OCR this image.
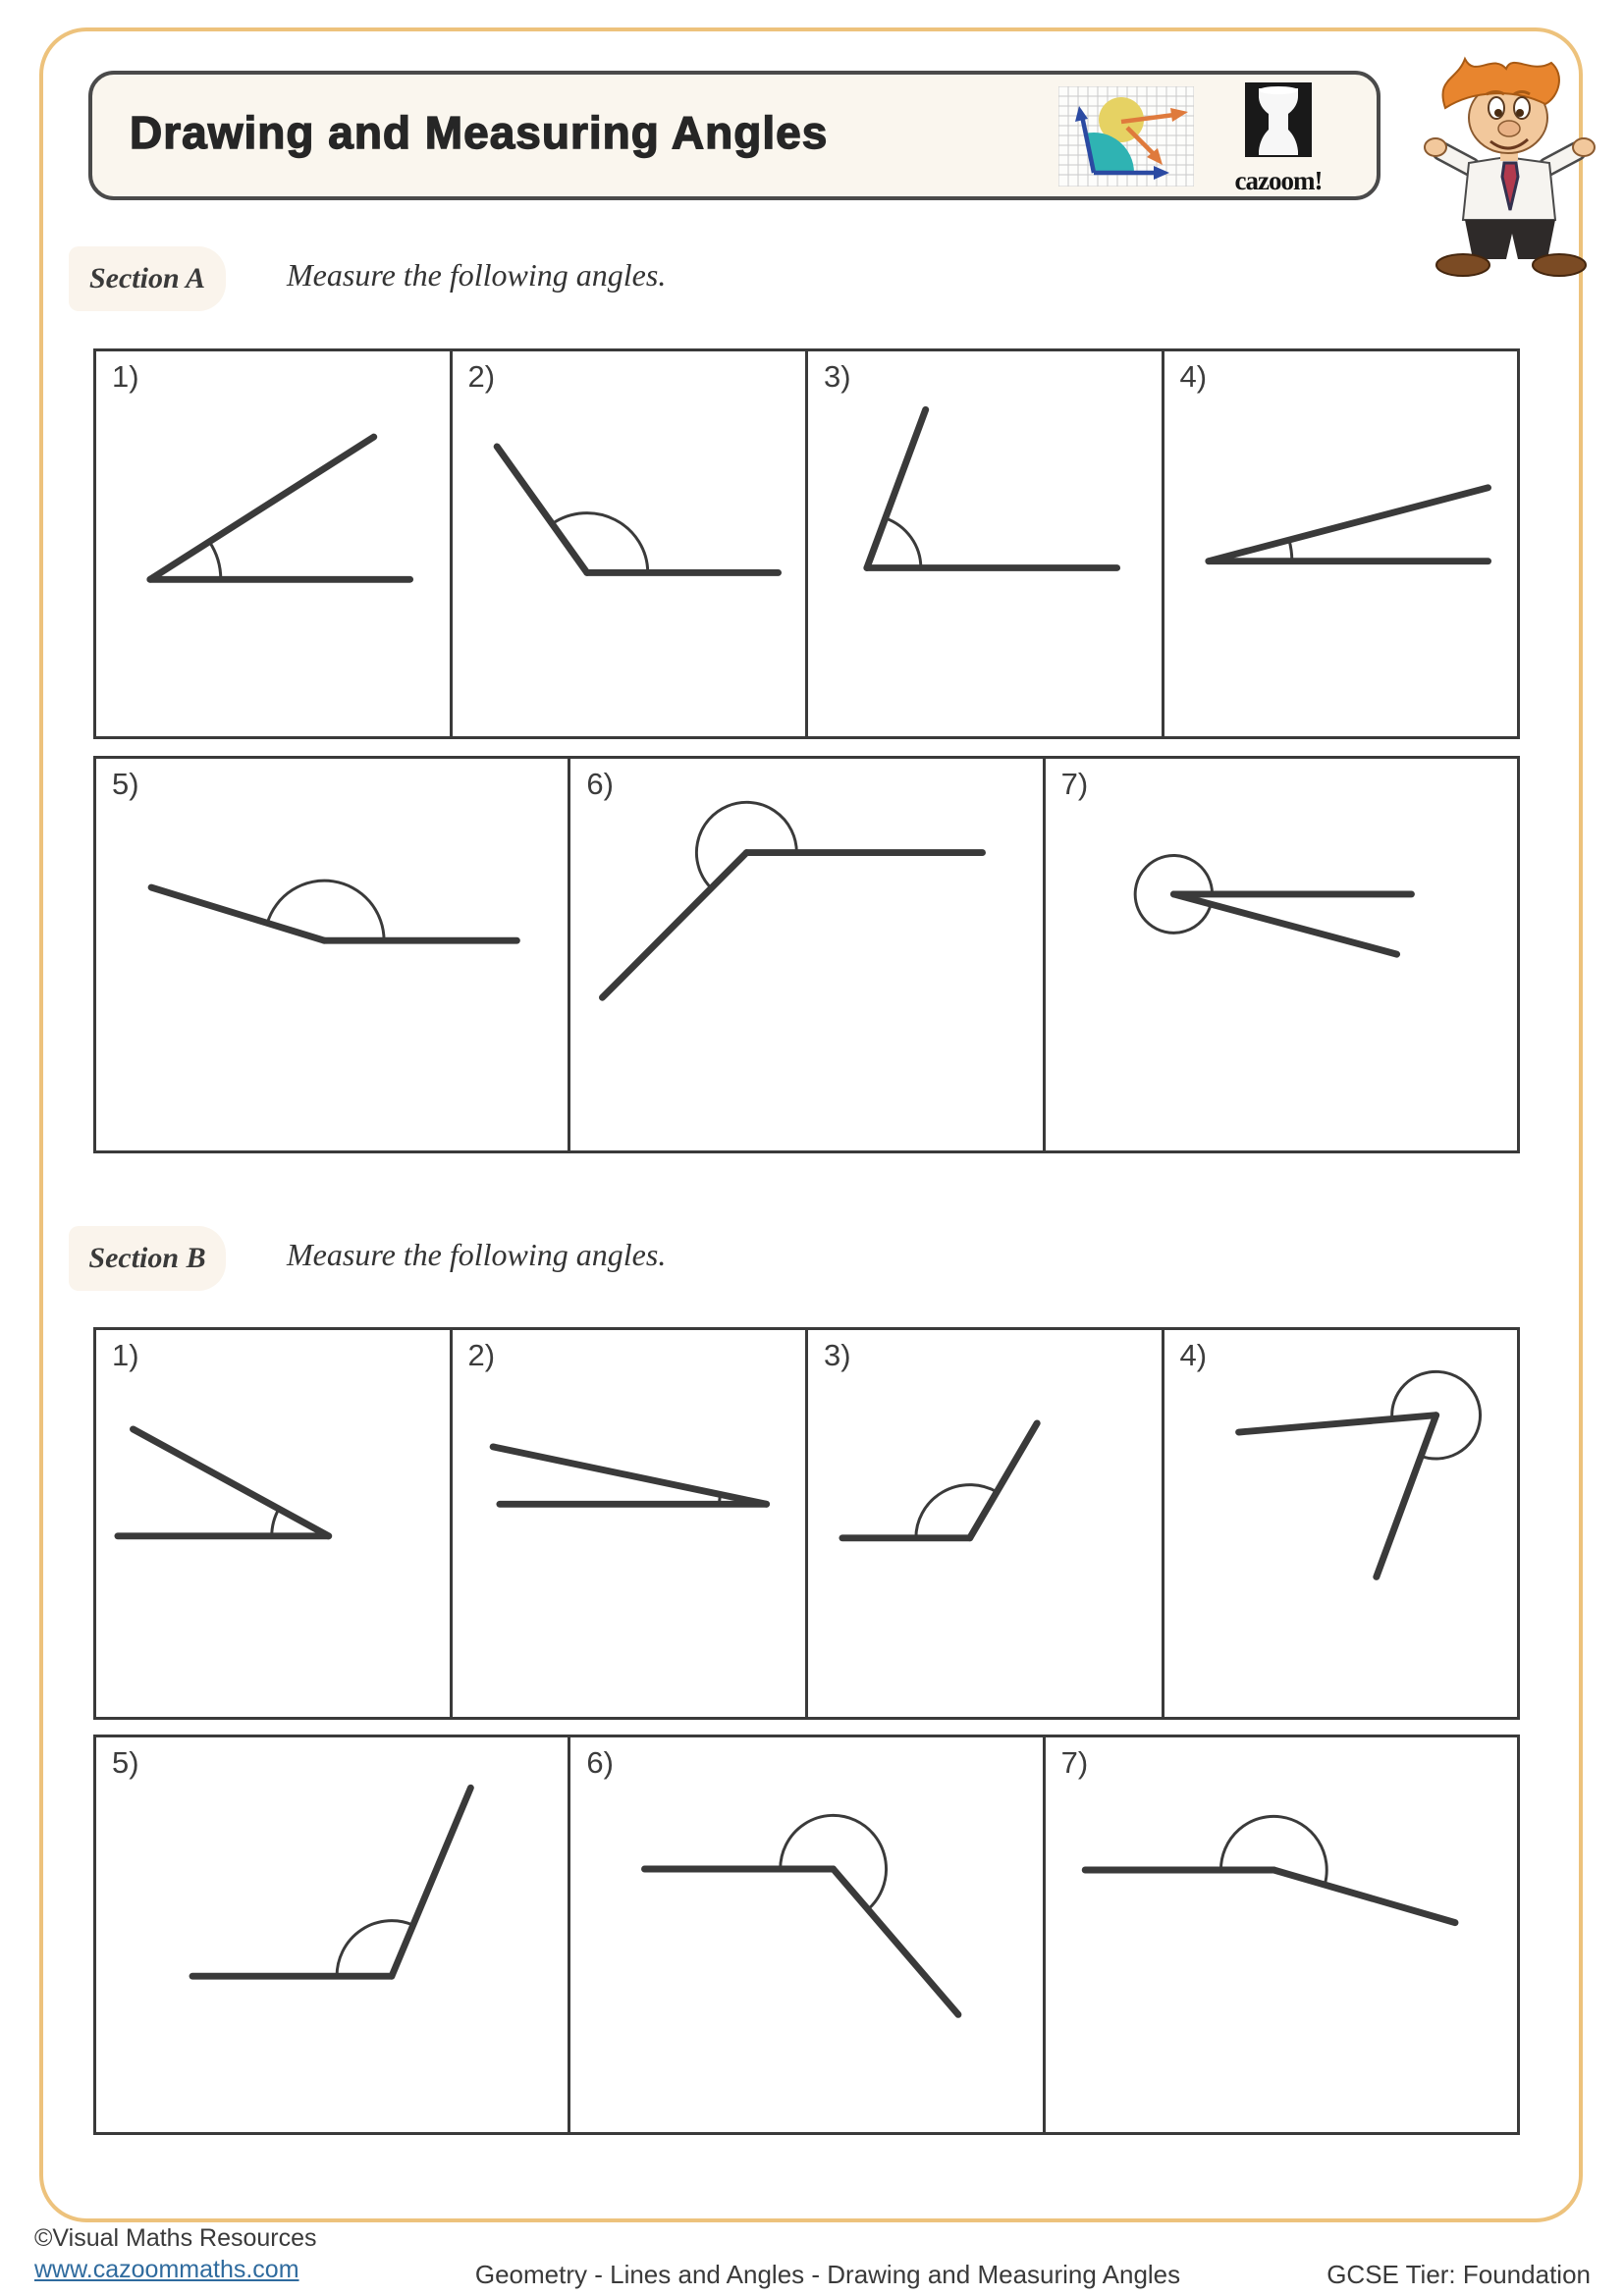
Drawing and Measuring Angles
cazoom!
Section A	Measure the following angles.
1)	2)	3)	4)
5)	6)	7)
Section B	Measure the following angles.
1)	2)	3)	4)
5)	6)	7)
©Visual Maths Resources
www.cazoommaths.com	Geometry - Lines and Angles - Drawing and Measuring Angles	GCSE Tier: Foundation
